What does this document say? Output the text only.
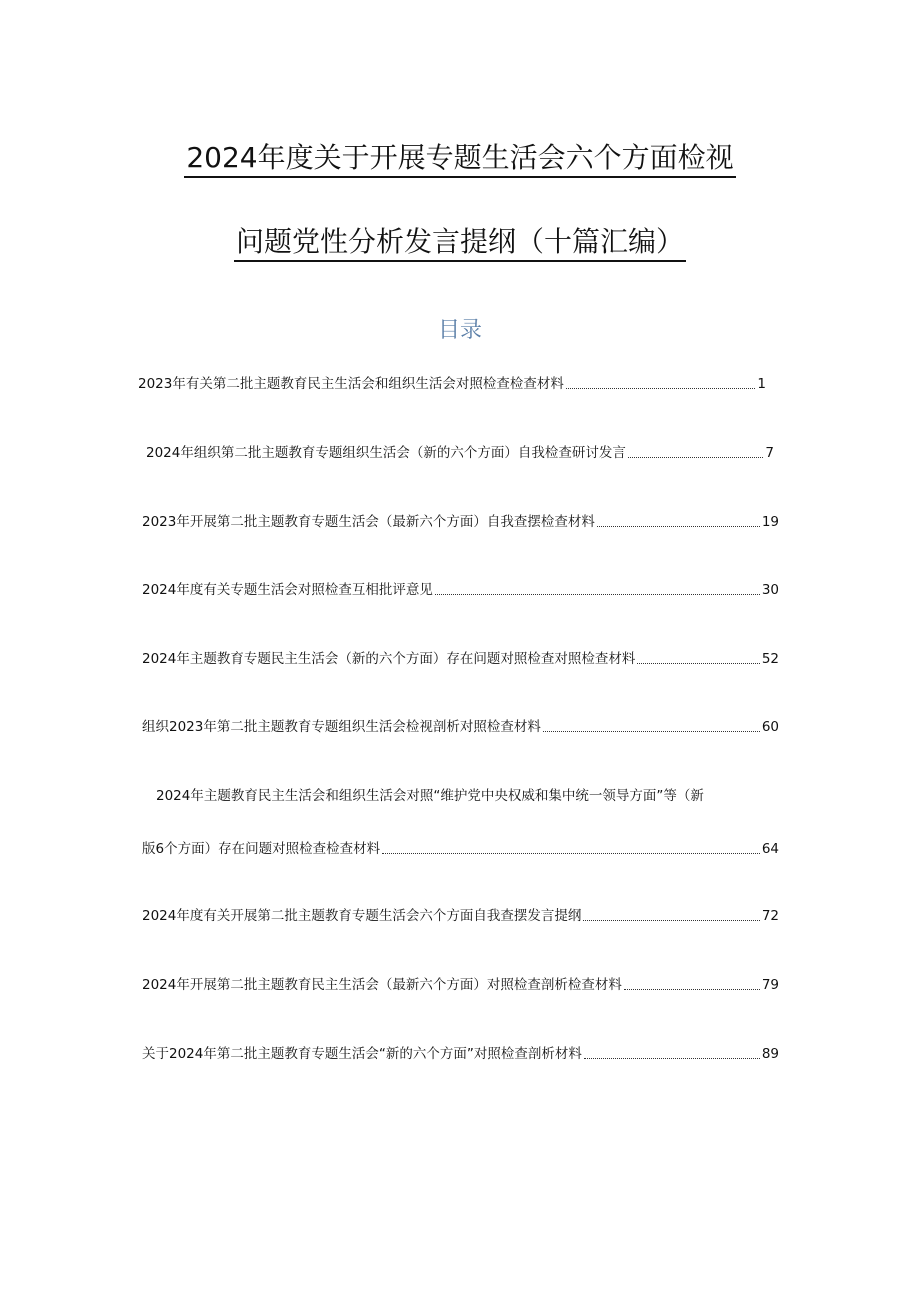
2024年度关于开展专题生活会六个方面检视
问题党性分析发言提纲（十篇汇编）
目录
2023年有关第二批主题教育民主生活会和组织生活会对照检查检查材料	1
2024年组织第二批主题教育专题组织生活会（新的六个方面）自我检查研讨发言	7
2023年开展第二批主题教育专题生活会（最新六个方面）自我查摆检查材料	19
2024年度有关专题生活会对照检查互相批评意见	30
2024年主题教育专题民主生活会（新的六个方面）存在问题对照检查对照检查材料	52
组织2023年第二批主题教育专题组织生活会检视剖析对照检查材料	60
2024年主题教育民主生活会和组织生活会对照“维护党中央权威和集中统一领导方面”等（新
版6个方面）存在问题对照检查检查材料	64
2024年度有关开展第二批主题教育专题生活会六个方面自我查摆发言提纲	72
2024年开展第二批主题教育民主生活会（最新六个方面）对照检查剖析检查材料	79
关于2024年第二批主题教育专题生活会“新的六个方面”对照检查剖析材料	89
